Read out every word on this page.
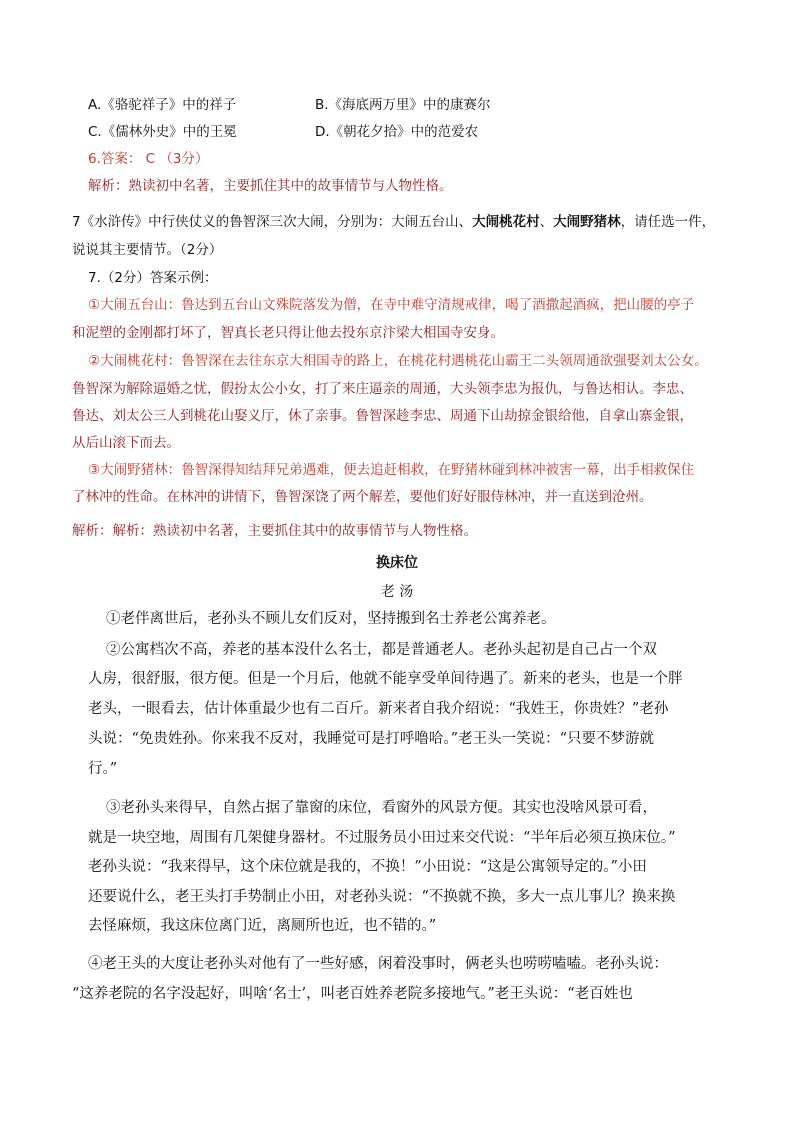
A.《骆驼祥子》中的祥子	B.《海底两万里》中的康赛尔
C.《儒林外史》中的王冕	D.《朝花夕拾》中的范爱农
6.答案： C （3分）
解析：熟读初中名著，主要抓住其中的故事情节与人物性格。
7《水浒传》中行侠仗义的鲁智深三次大闹，分别为：大闹五台山、大闹桃花村、大闹野猪林，请任选一件，
说说其主要情节。（2分）
7.（2分）答案示例：
①大闹五台山：鲁达到五台山文殊院落发为僧，在寺中难守清规戒律，喝了酒撒起酒疯，把山腰的亭子
和泥塑的金刚都打坏了，智真长老只得让他去投东京汴梁大相国寺安身。
②大闹桃花村：鲁智深在去往东京大相国寺的路上，在桃花村遇桃花山霸王二头领周通欲强娶刘太公女。
鲁智深为解除逼婚之忧，假扮太公小女，打了来庄逼亲的周通，大头领李忠为报仇，与鲁达相认。李忠、
鲁达、刘太公三人到桃花山娶义厅，休了亲事。鲁智深趁李忠、周通下山劫掠金银给他，自拿山寨金银，
从后山滚下而去。
③大闹野猪林：鲁智深得知结拜兄弟遇难，便去追赶相救，在野猪林碰到林冲被害一幕，出手相救保住
了林冲的性命。在林冲的讲情下，鲁智深饶了两个解差，要他们好好服侍林冲，并一直送到沧州。
解析：解析：熟读初中名著，主要抓住其中的故事情节与人物性格。
换床位
老 汤
①老伴离世后，老孙头不顾儿女们反对，坚持搬到名士养老公寓养老。
②公寓档次不高，养老的基本没什么名士，都是普通老人。老孙头起初是自己占一个双
人房，很舒服，很方便。但是一个月后，他就不能享受单间待遇了。新来的老头，也是一个胖
老头，一眼看去，估计体重最少也有二百斤。新来者自我介绍说：“我姓王，你贵姓？”老孙
头说：“免贵姓孙。你来我不反对，我睡觉可是打呼噜哈。”老王头一笑说：“只要不梦游就
行。”
③老孙头来得早，自然占据了靠窗的床位，看窗外的风景方便。其实也没啥风景可看，
就是一块空地，周围有几架健身器材。不过服务员小田过来交代说：“半年后必须互换床位。”
老孙头说：“我来得早，这个床位就是我的，不换！”小田说：“这是公寓领导定的。”小田
还要说什么，老王头打手势制止小田，对老孙头说：“不换就不换，多大一点儿事儿？换来换
去怪麻烦，我这床位离门近，离厕所也近，也不错的。”
④老王头的大度让老孙头对他有了一些好感，闲着没事时，俩老头也唠唠嗑嗑。老孙头说：
“这养老院的名字没起好，叫啥‘名士’，叫老百姓养老院多接地气。”老王头说：“老百姓也
